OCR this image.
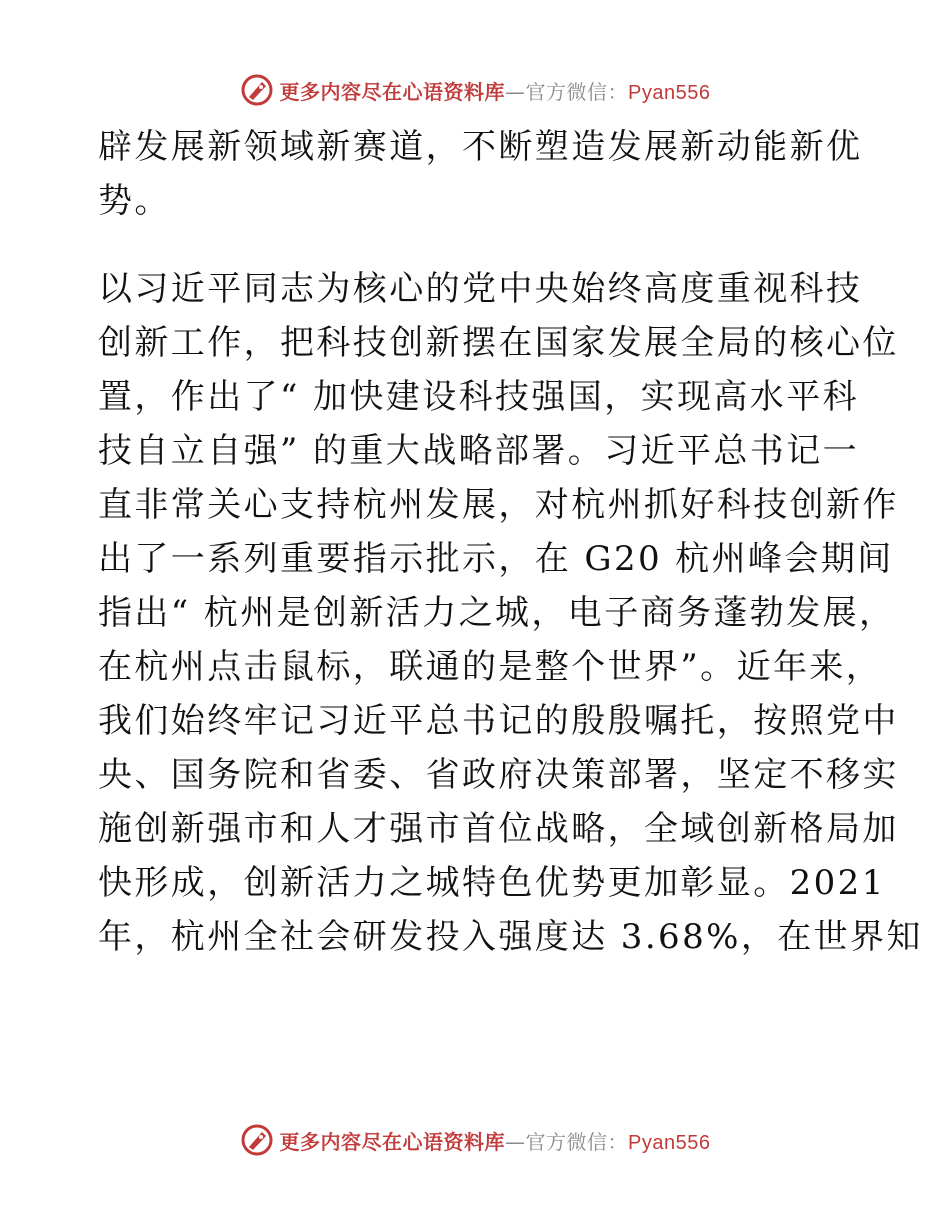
更多内容尽在心语资料库—官方微信：Pyan556
辟发展新领域新赛道，不断塑造发展新动能新优
势。
以习近平同志为核心的党中央始终高度重视科技
创新工作，把科技创新摆在国家发展全局的核心位
置，作出了“ 加快建设科技强国，实现高水平科
技自立自强” 的重大战略部署。习近平总书记一
直非常关心支持杭州发展，对杭州抓好科技创新作
出了一系列重要指示批示，在 G20 杭州峰会期间
指出“ 杭州是创新活力之城，电子商务蓬勃发展，
在杭州点击鼠标，联通的是整个世界”。近年来，
我们始终牢记习近平总书记的殷殷嘱托，按照党中
央、国务院和省委、省政府决策部署，坚定不移实
施创新强市和人才强市首位战略，全域创新格局加
快形成，创新活力之城特色优势更加彰显。2021
年，杭州全社会研发投入强度达 3.68%，在世界知
更多内容尽在心语资料库—官方微信：Pyan556
